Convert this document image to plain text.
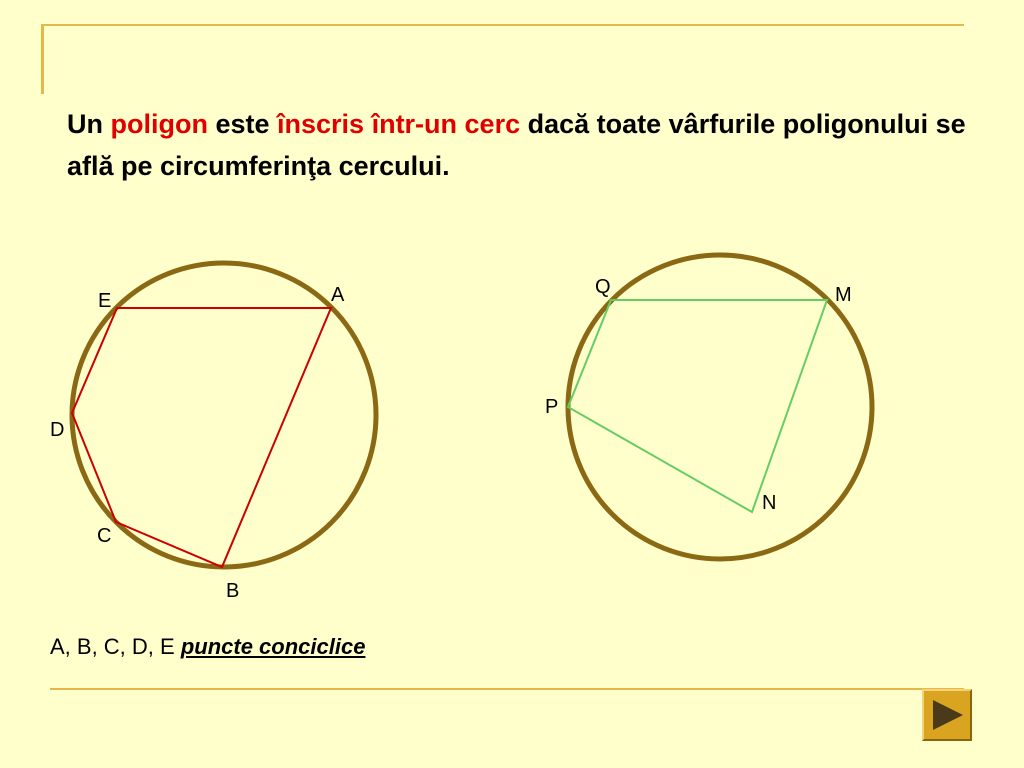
Un poligon este înscris într-un cerc dacă toate vârfurile poligonului se află pe circumferinţa cercului.

A
B
C
D
E
Q	M
P
N
A, B, C, D, E puncte conciclice
